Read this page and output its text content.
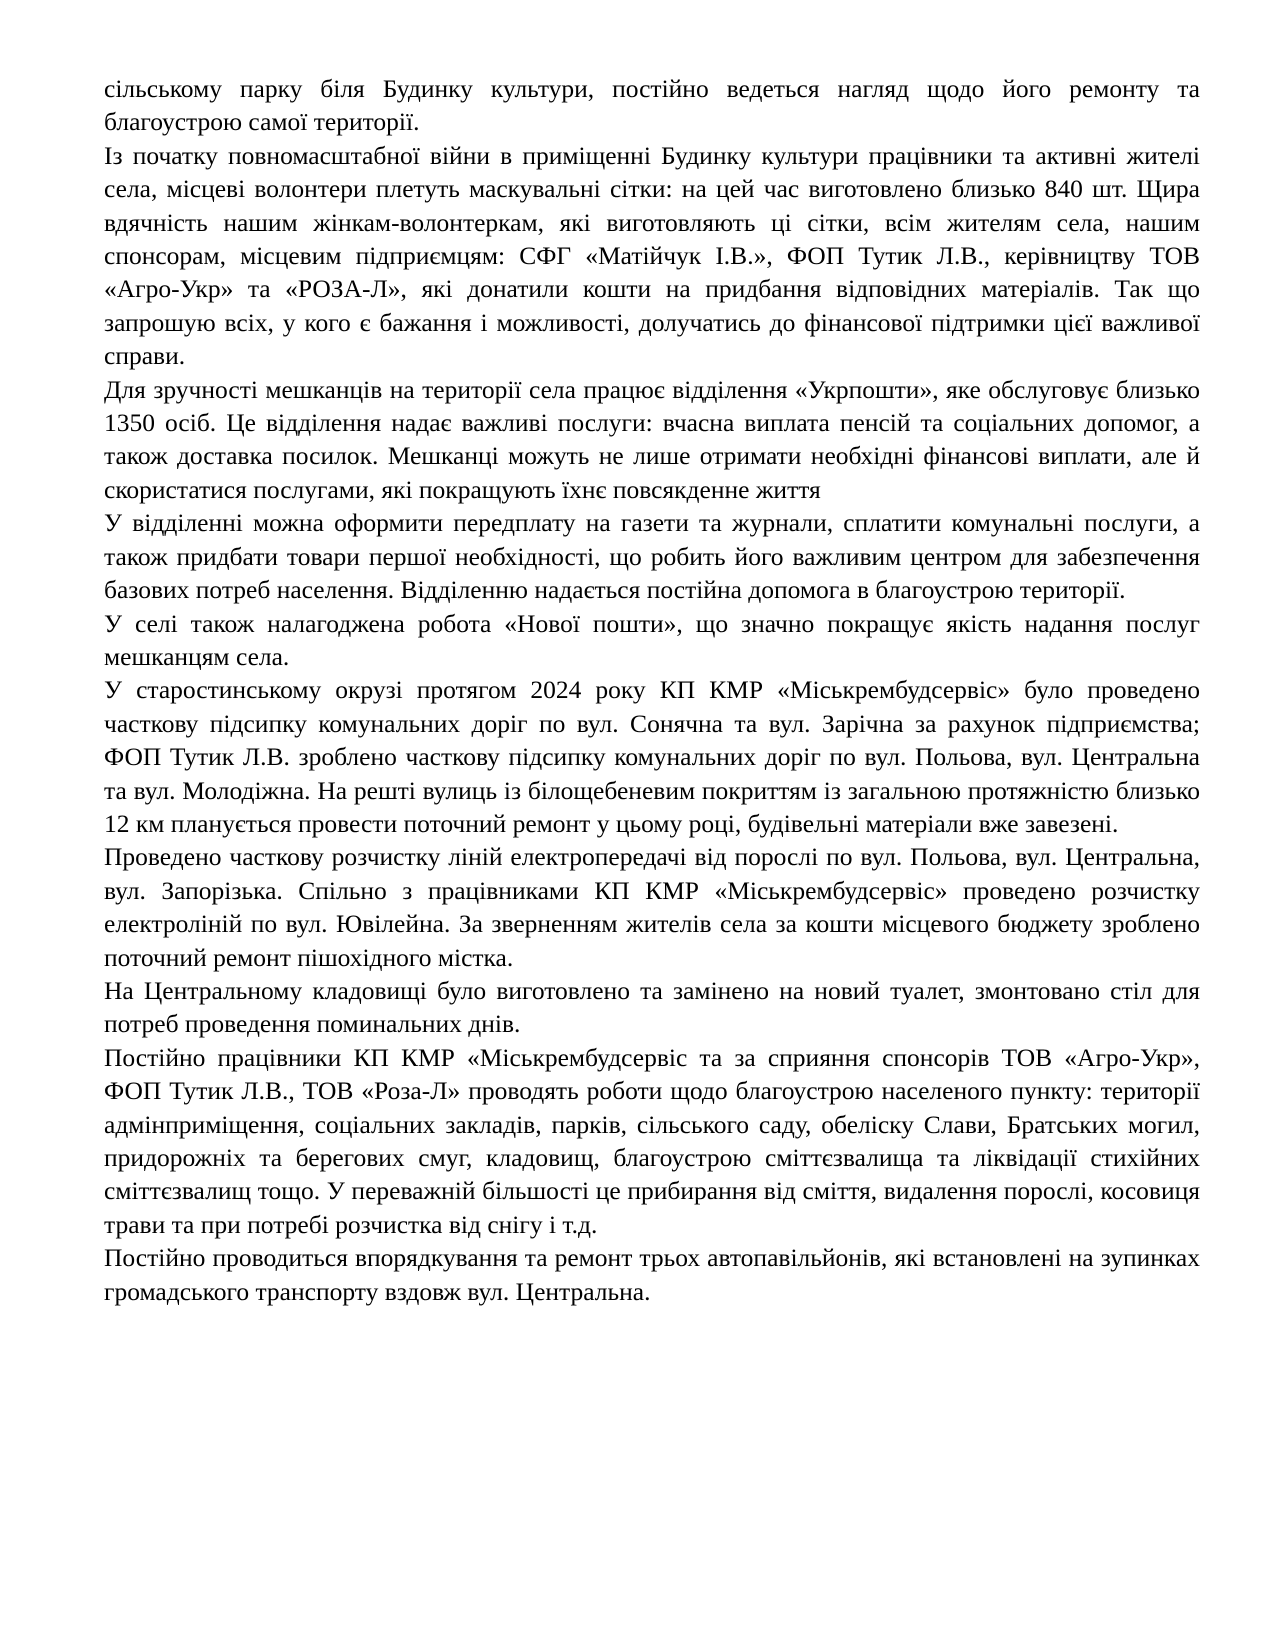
сільському парку біля Будинку культури, постійно ведеться нагляд щодо його ремонту та благоустрою самої території.

Із початку повномасштабної війни в приміщенні Будинку культури працівники та активні жителі села, місцеві волонтери плетуть маскувальні сітки: на цей час виготовлено близько 840 шт. Щира вдячність нашим жінкам-волонтеркам, які виготовляють ці сітки, всім жителям села, нашим спонсорам, місцевим підприємцям: СФГ «Матійчук І.В.», ФОП Тутик Л.В., керівництву ТОВ «Агро-Укр» та «РОЗА-Л», які донатили кошти на придбання відповідних матеріалів. Так що запрошую всіх, у кого є бажання і можливості, долучатись до фінансової підтримки цієї важливої справи.

Для зручності мешканців на території села працює відділення «Укрпошти», яке обслуговує близько 1350 осіб. Це відділення надає важливі послуги: вчасна виплата пенсій та соціальних допомог, а також доставка посилок. Мешканці можуть не лише отримати необхідні фінансові виплати, але й скористатися послугами, які покращують їхнє повсякденне життя

У відділенні можна оформити передплату на газети та журнали, сплатити комунальні послуги, а також придбати товари першої необхідності, що робить його важливим центром для забезпечення базових потреб населення. Відділенню надається постійна допомога в благоустрою території.

У селі також налагоджена робота «Нової пошти», що значно покращує якість надання послуг мешканцям села.

У старостинському окрузі протягом 2024 року КП КМР «Міськрембудсервіс» було проведено часткову підсипку комунальних доріг по вул. Сонячна та вул. Зарічна за рахунок підприємства; ФОП Тутик Л.В. зроблено часткову підсипку комунальних доріг по вул. Польова, вул. Центральна та вул. Молодіжна. На решті вулиць із білощебеневим покриттям із загальною протяжністю близько 12 км планується провести поточний ремонт у цьому році, будівельні матеріали вже завезені.

Проведено часткову розчистку ліній електропередачі від порослі по вул. Польова, вул. Центральна, вул. Запорізька. Спільно з працівниками КП КМР «Міськрембудсервіс» проведено розчистку електроліній по вул. Ювілейна. За зверненням жителів села за кошти місцевого бюджету зроблено поточний ремонт пішохідного містка.

На Центральному кладовищі було виготовлено та замінено на новий туалет, змонтовано стіл для потреб проведення поминальних днів.

Постійно працівники КП КМР «Міськрембудсервіс та за сприяння спонсорів ТОВ «Агро-Укр», ФОП Тутик Л.В., ТОВ «Роза-Л» проводять роботи щодо благоустрою населеного пункту: території адмінприміщення, соціальних закладів, парків, сільського саду, обеліску Слави, Братських могил, придорожніх та берегових смуг, кладовищ, благоустрою сміттєзвалища та ліквідації стихійних сміттєзвалищ тощо. У переважній більшості це прибирання від сміття, видалення порослі, косовиця трави та при потребі розчистка від снігу і т.д.

Постійно проводиться впорядкування та ремонт трьох автопавільйонів, які встановлені на зупинках громадського транспорту вздовж вул. Центральна.
